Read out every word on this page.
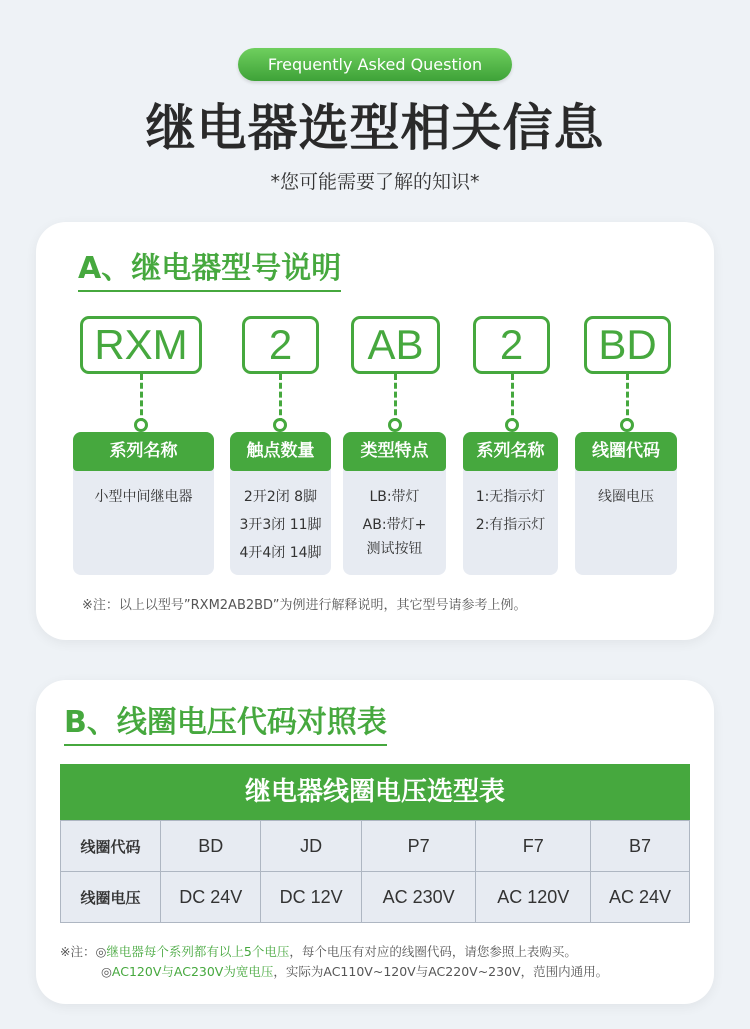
Frequently Asked Question
继电器选型相关信息
*您可能需要了解的知识*
A、继电器型号说明
RXM	2	AB	2	BD
系列名称
小型中间继电器
触点数量
2开2闭 8脚
3开3闭 11脚
4开4闭 14脚
类型特点
LB:带灯
AB:带灯+
测试按钮
系列名称
1:无指示灯
2:有指示灯
线圈代码
线圈电压
※注：以上以型号”RXM2AB2BD”为例进行解释说明，其它型号请参考上例。
B、线圈电压代码对照表
继电器线圈电压选型表
线圈代码	BD	JD	P7	F7	B7
线圈电压	DC 24V	DC 12V	AC 230V	AC 120V	AC 24V
※注：◎继电器每个系列都有以上5个电压，每个电压有对应的线圈代码，请您参照上表购买。
◎AC120V与AC230V为宽电压，实际为AC110V~120V与AC220V~230V，范围内通用。
